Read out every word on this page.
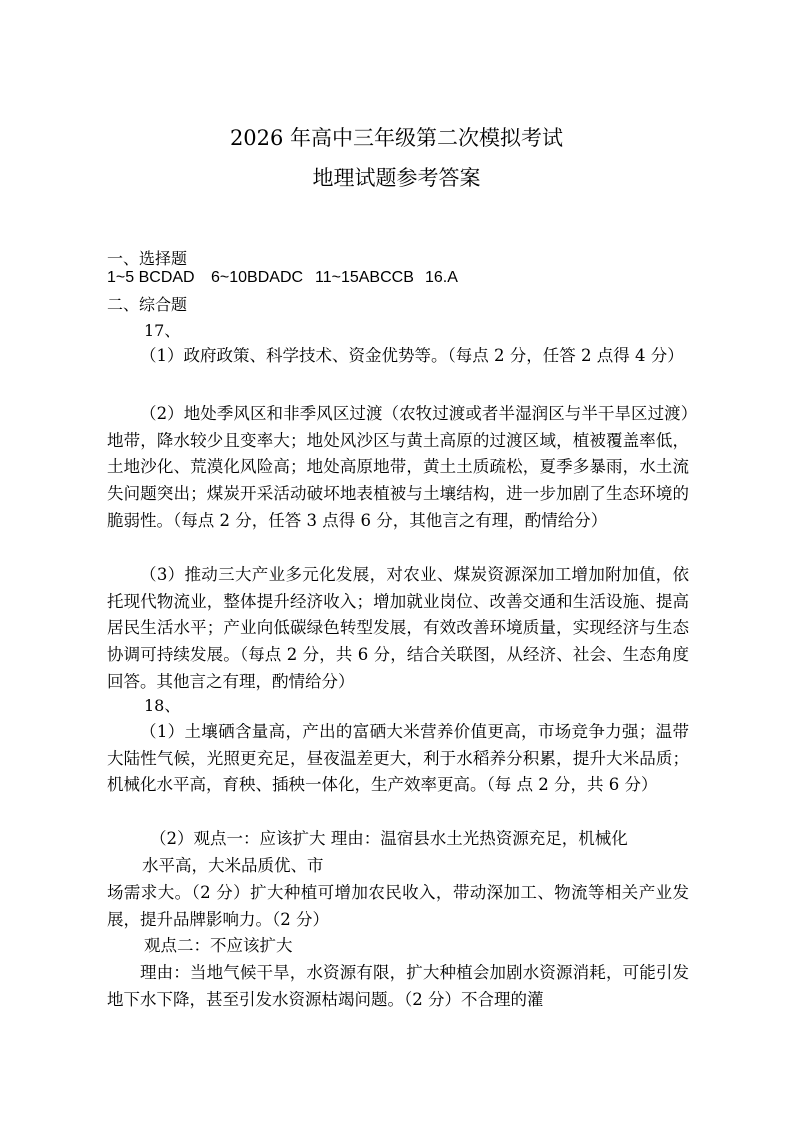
2026 年高中三年级第二次模拟考试
地理试题参考答案
一、选择题
1~5 BCDAD 6~10BDADC 11~15ABCCB 16.A
二、综合题
17、
（1）政府政策、科学技术、资金优势等。（每点 2 分，任答 2 点得 4 分）
（2）地处季风区和非季风区过渡（农牧过渡或者半湿润区与半干旱区过渡）地带，降水较少且变率大；地处风沙区与黄土高原的过渡区域，植被覆盖率低，土地沙化、荒漠化风险高；地处高原地带，黄土土质疏松，夏季多暴雨，水土流失问题突出；煤炭开采活动破坏地表植被与土壤结构，进一步加剧了生态环境的脆弱性。（每点 2 分，任答 3 点得 6 分，其他言之有理，酌情给分）
（3）推动三大产业多元化发展，对农业、煤炭资源深加工增加附加值，依托现代物流业，整体提升经济收入；增加就业岗位、改善交通和生活设施、提高居民生活水平；产业向低碳绿色转型发展，有效改善环境质量，实现经济与生态协调可持续发展。（每点 2 分，共 6 分，结合关联图，从经济、社会、生态角度回答。其他言之有理，酌情给分）
18、
（1）土壤硒含量高，产出的富硒大米营养价值更高，市场竞争力强；温带大陆性气候，光照更充足，昼夜温差更大，利于水稻养分积累，提升大米品质；机械化水平高，育秧、插秧一体化，生产效率更高。（每 点 2 分，共 6 分）
（2）观点一：应该扩大 理由：温宿县水土光热资源充足，机械化
水平高，大米品质优、市
场需求大。（2 分）扩大种植可增加农民收入，带动深加工、物流等相关产业发展，提升品牌影响力。（2 分）
观点二：不应该扩大
理由：当地气候干旱，水资源有限，扩大种植会加剧水资源消耗，可能引发地下水下降，甚至引发水资源枯竭问题。（2 分）不合理的灌
